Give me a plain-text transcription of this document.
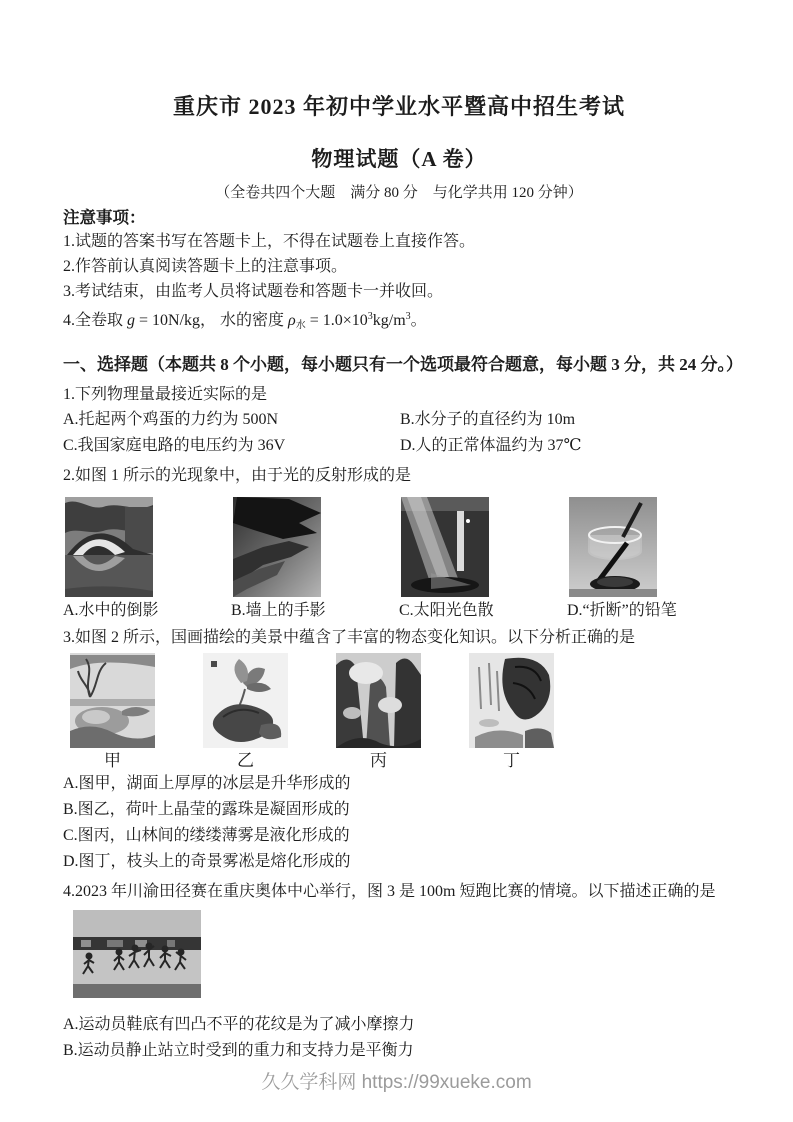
重庆市 2023 年初中学业水平暨高中招生考试
物理试题（A 卷）
（全卷共四个大题　满分 80 分　与化学共用 120 分钟）
注意事项：
1.试题的答案书写在答题卡上，不得在试题卷上直接作答。
2.作答前认真阅读答题卡上的注意事项。
3.考试结束，由监考人员将试题卷和答题卡一并收回。
4.全卷取 g = 10N/kg， 水的密度 $\rho_水 = 1.0\times 10^3kg/m^3$。
一、选择题（本题共 8 个小题，每小题只有一个选项最符合题意，每小题 3 分，共 24 分。）
1.下列物理量最接近实际的是
A.托起两个鸡蛋的力约为 500N	B.水分子的直径约为 10m
C.我国家庭电路的电压约为 36V	D.人的正常体温约为 37℃
2.如图 1 所示的光现象中，由于光的反射形成的是
A.水中的倒影	B.墙上的手影	C.太阳光色散	D.“折断”的铅笔
3.如图 2 所示，国画描绘的美景中蕴含了丰富的物态变化知识。以下分析正确的是
甲	乙	丙	丁
A.图甲，湖面上厚厚的冰层是升华形成的
B.图乙，荷叶上晶莹的露珠是凝固形成的
C.图丙，山林间的缕缕薄雾是液化形成的
D.图丁，枝头上的奇景雾凇是熔化形成的
4.2023 年川渝田径赛在重庆奥体中心举行，图 3 是 100m 短跑比赛的情境。以下描述正确的是
A.运动员鞋底有凹凸不平的花纹是为了减小摩擦力
B.运动员静止站立时受到的重力和支持力是平衡力
久久学科网 https://99xueke.com
